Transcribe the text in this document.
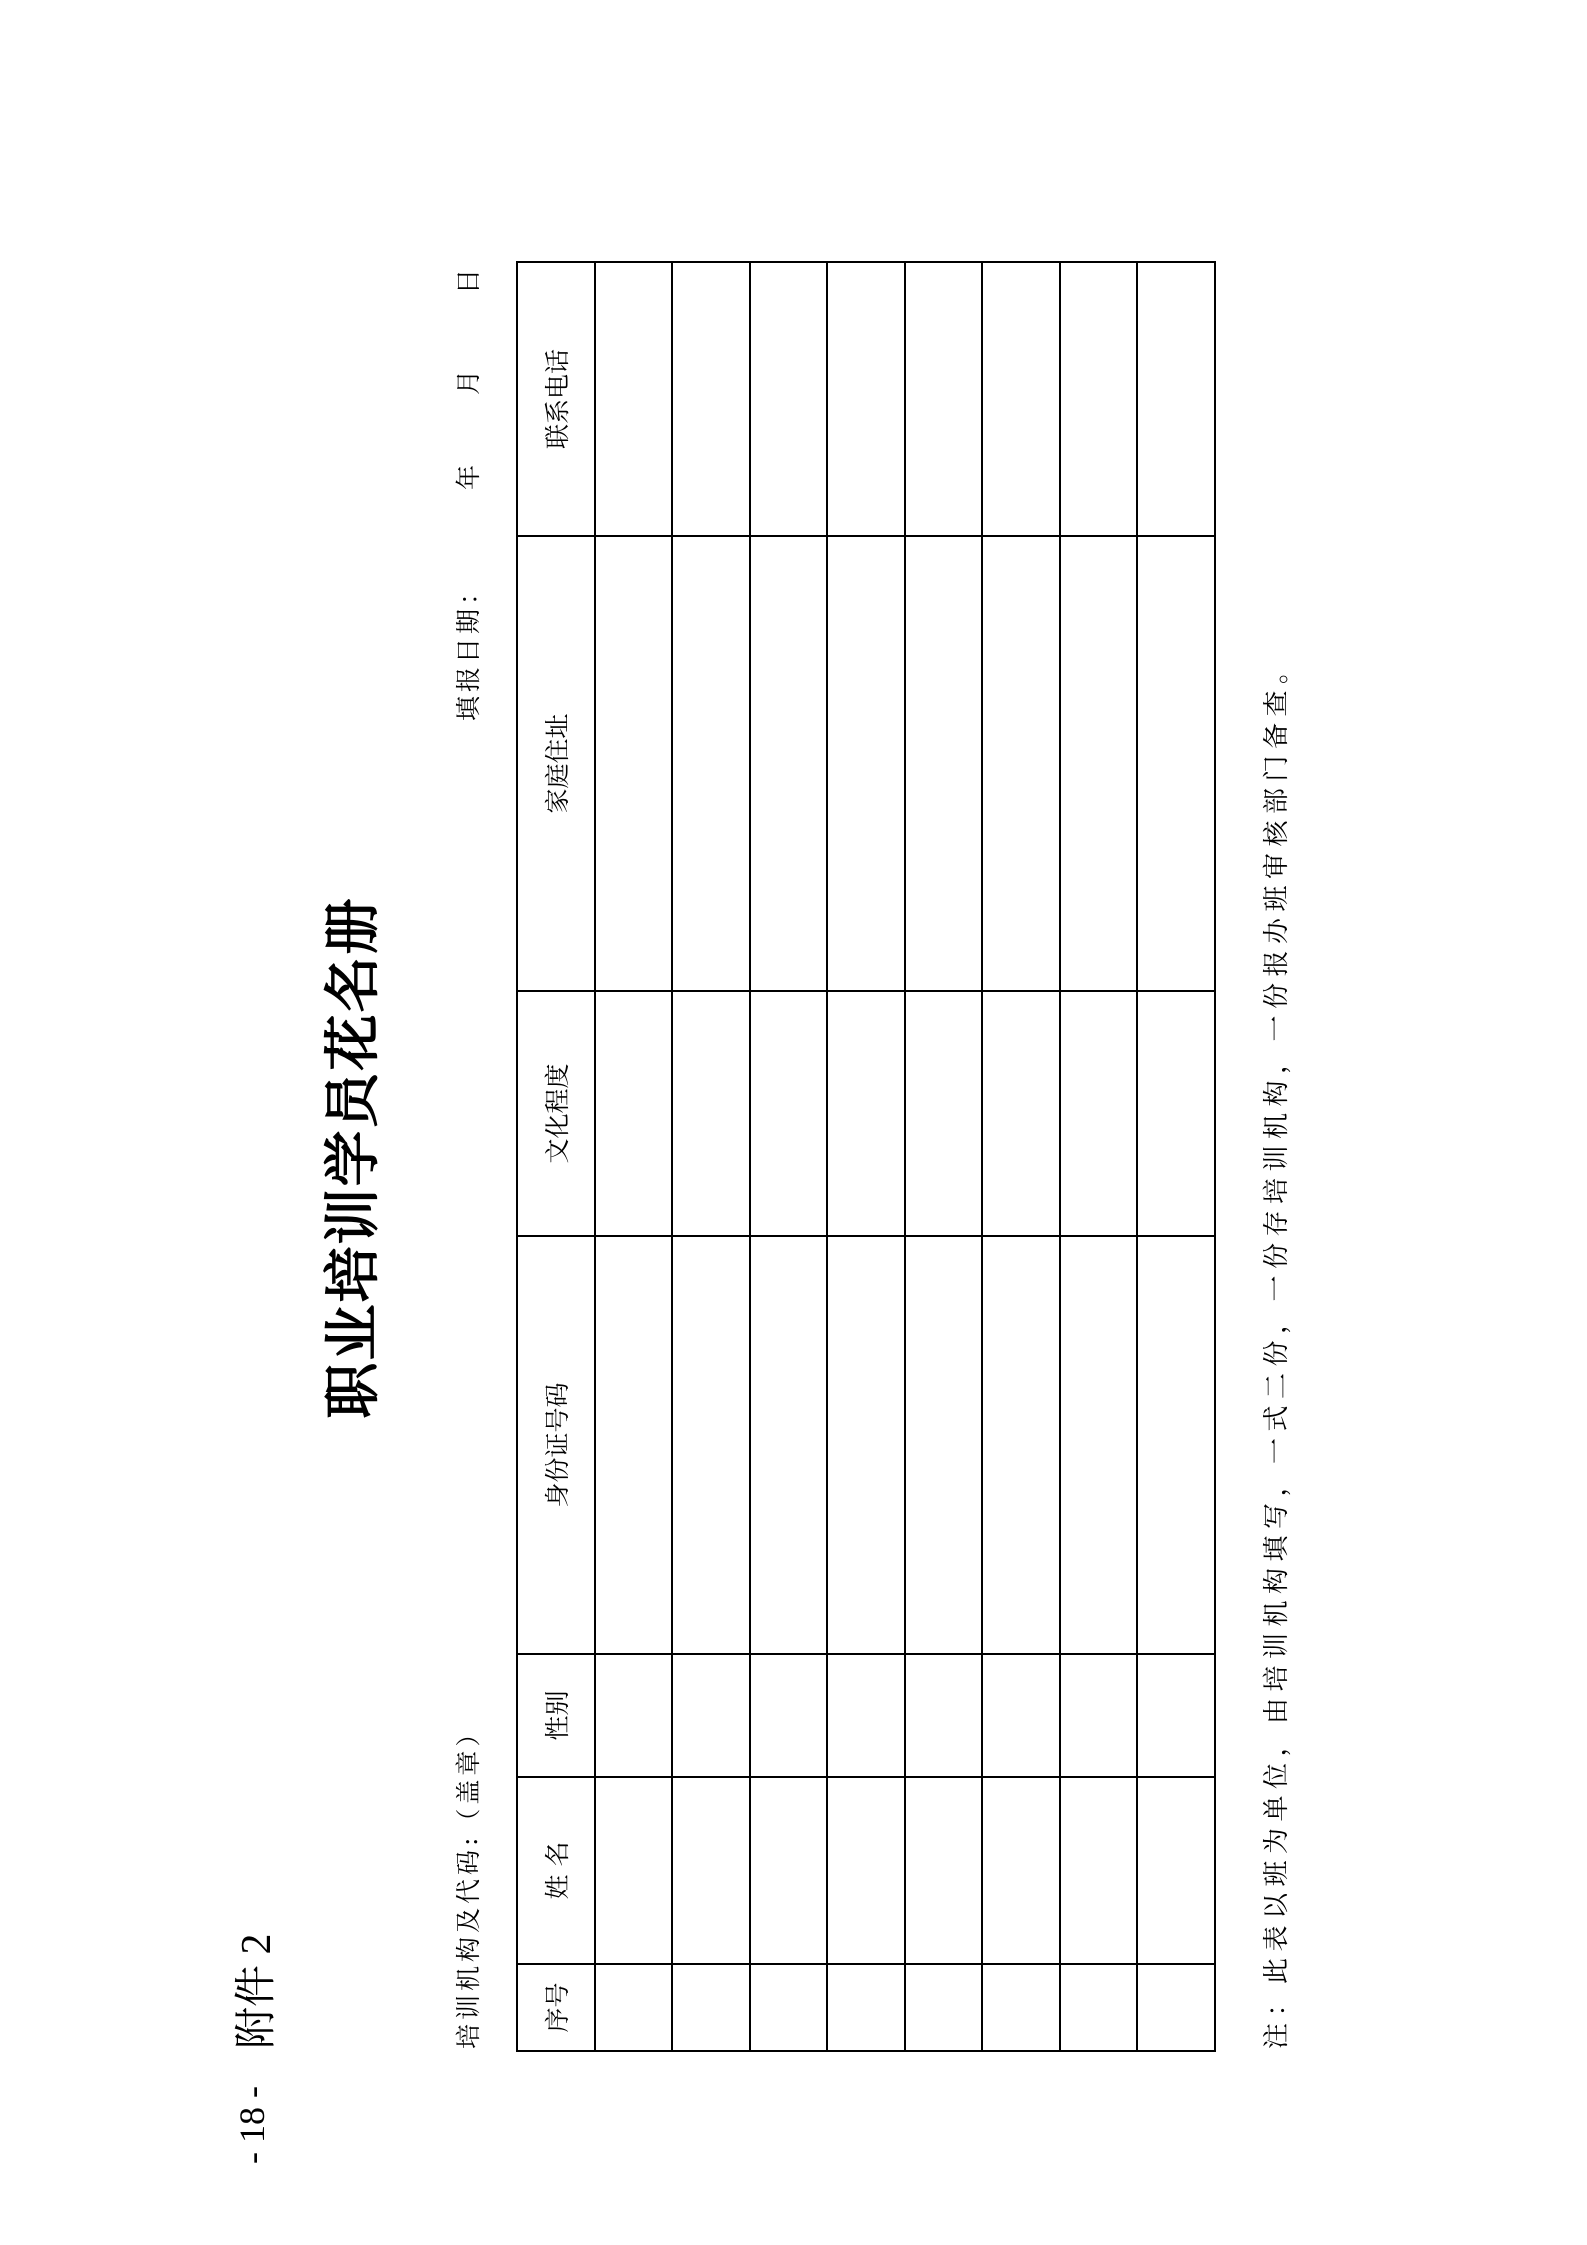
- 18 -
附件 2
职业培训学员花名册
培训机构及代码:（盖章）
填报日期：
年
月
日
序号	姓 名	性别	身份证号码	文化程度	家庭住址	联系电话

注：此表以班为单位，由培训机构填写，一式二份，一份存培训机构，一份报办班审核部门备查。
